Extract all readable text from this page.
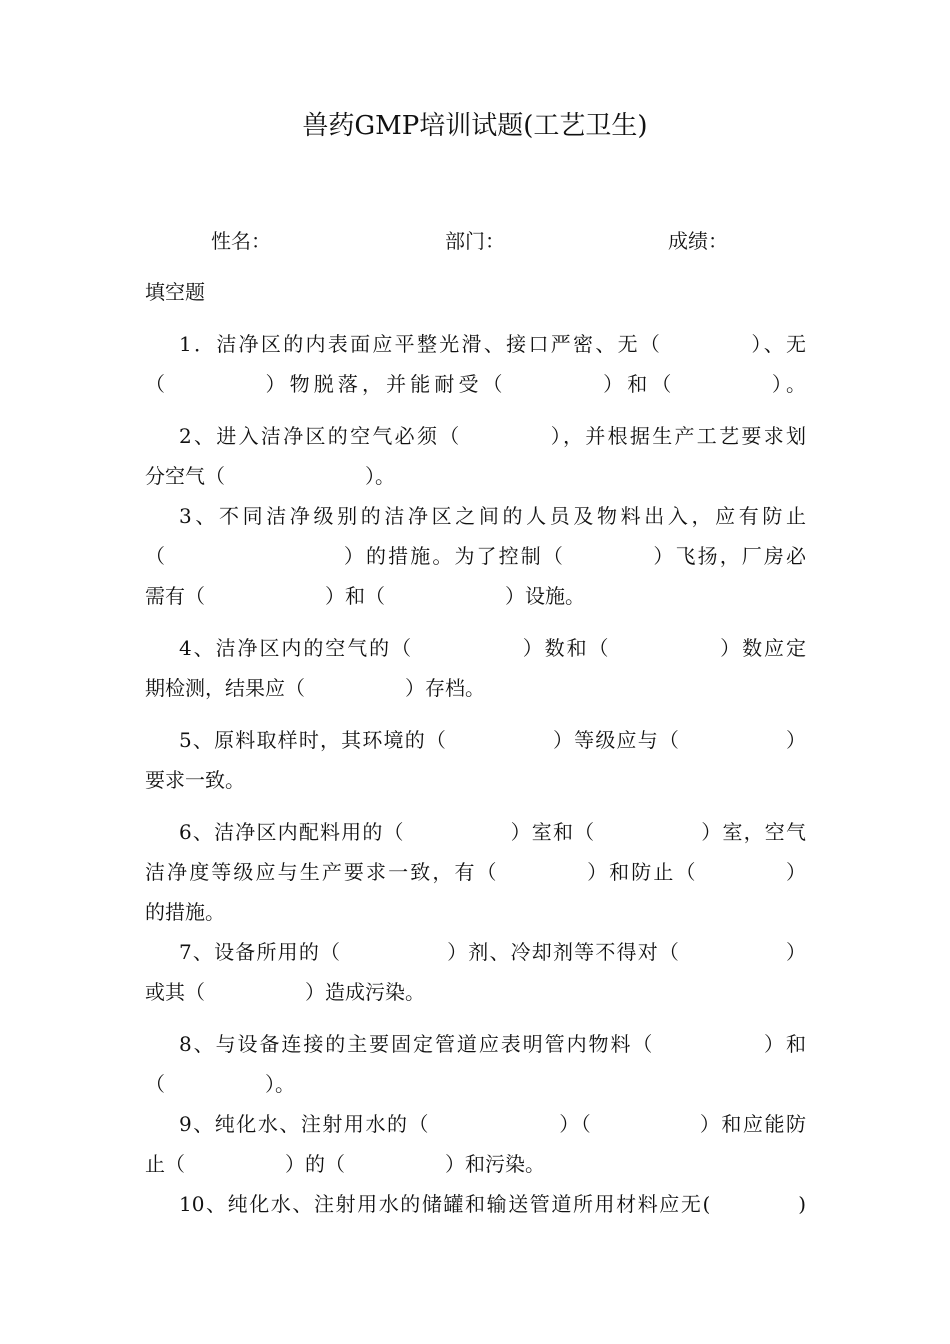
兽药GMP培训试题(工艺卫生)
性名：	部门：	成绩：
填空题
1．洁净区的内表面应平整光滑、接口严密、无（　　　　）、无
（　　　　）物脱落，并能耐受（　　　　）和（　　　　）。
2、进入洁净区的空气必须（　　　　），并根据生产工艺要求划
分空气（　　　　　　　）。
3、不同洁净级别的洁净区之间的人员及物料出入，应有防止
（　　　　　　　　）的措施。为了控制（　　　　）飞扬，厂房必
需有（　　　　　　）和（　　　　　　）设施。
4、洁净区内的空气的（　　　　　）数和（　　　　　）数应定
期检测，结果应（　　　　　）存档。
5、原料取样时，其环境的（　　　　　）等级应与（　　　　　）
要求一致。
6、洁净区内配料用的（　　　　　）室和（　　　　　）室，空气
洁净度等级应与生产要求一致，有（　　　　）和防止（　　　　）
的措施。
7、设备所用的（　　　　　）剂、冷却剂等不得对（　　　　　）
或其（　　　　　）造成污染。
8、与设备连接的主要固定管道应表明管内物料（　　　　　）和
（　　　　　）。
9、纯化水、注射用水的（　　　　　　）（　　　　　）和应能防
止（　　　　　）的（　　　　　）和污染。
10、纯化水、注射用水的储罐和输送管道所用材料应无(　　　　)
